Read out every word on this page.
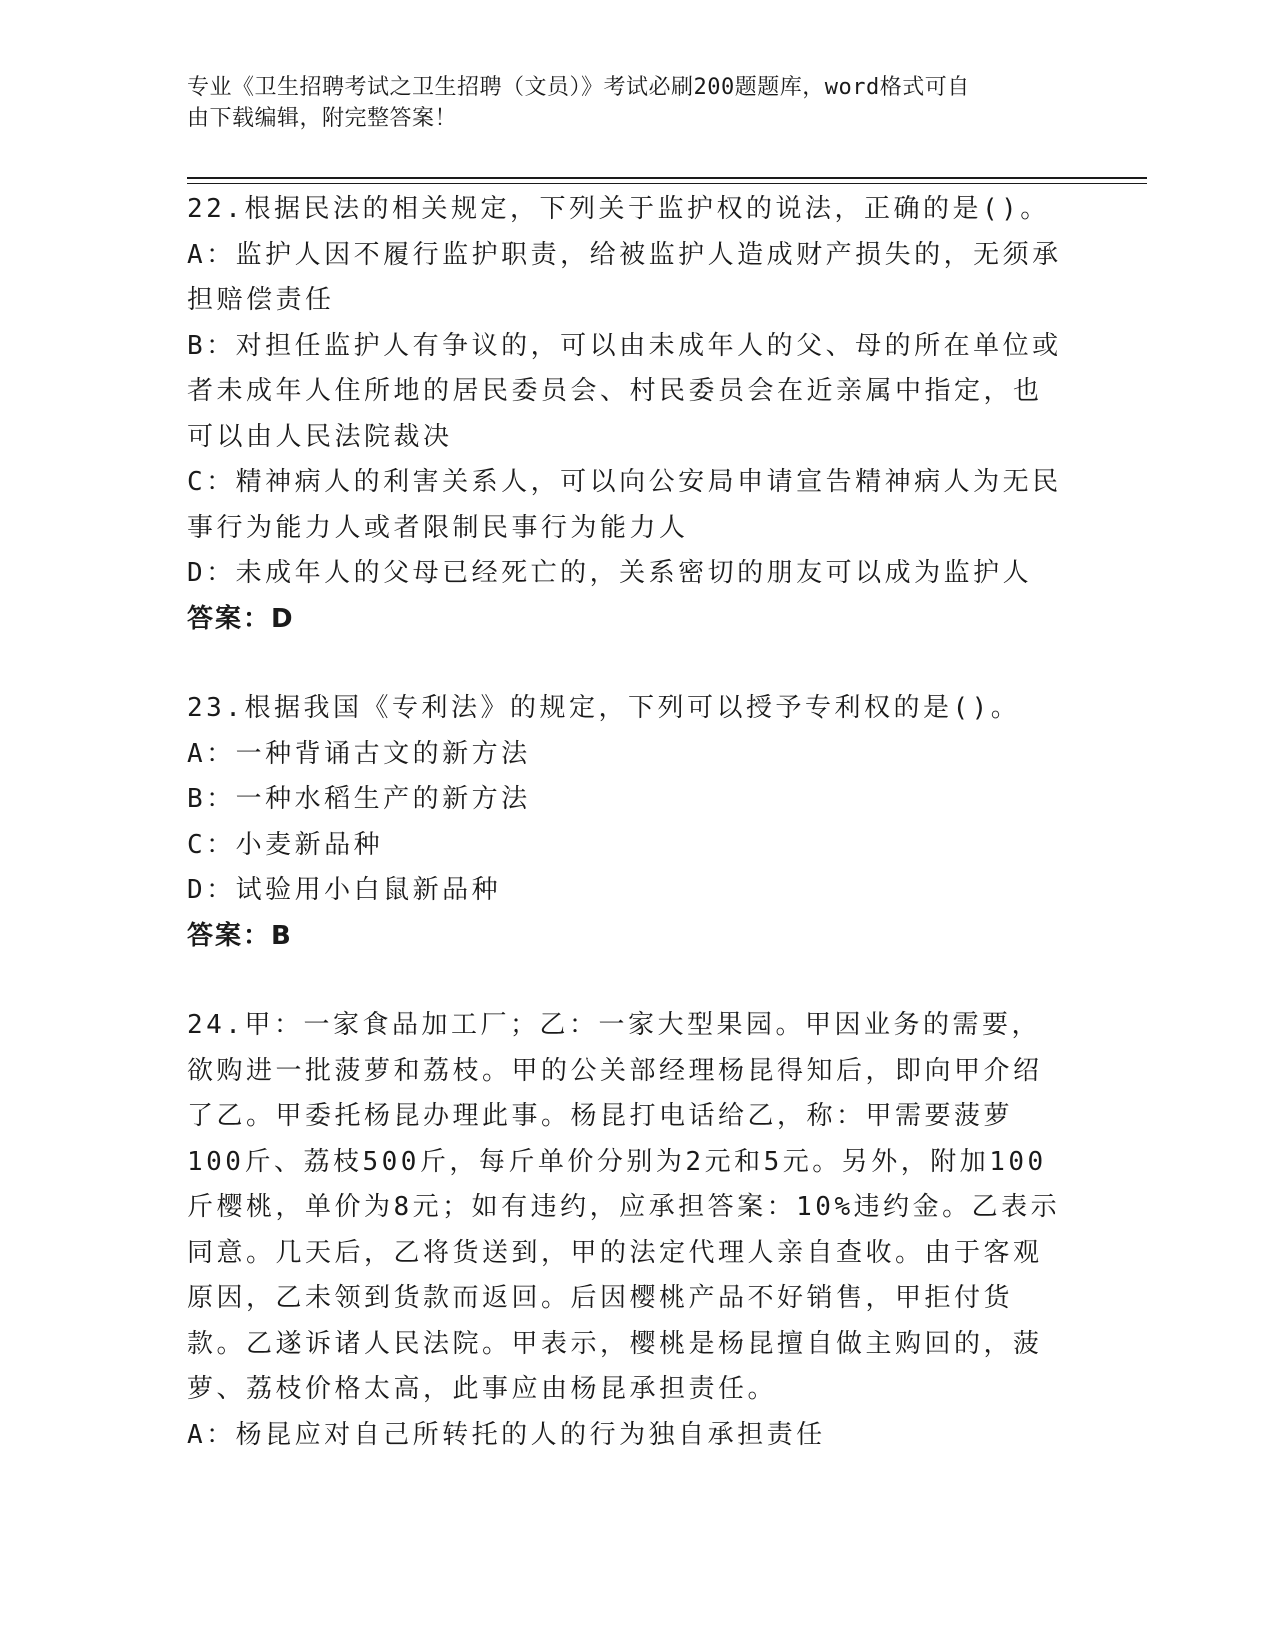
专业《卫生招聘考试之卫生招聘（文员）》考试必刷200题题库，word格式可自
由下载编辑，附完整答案！
22.根据民法的相关规定，下列关于监护权的说法，正确的是()。
A：监护人因不履行监护职责，给被监护人造成财产损失的，无须承担赔偿责任
B：对担任监护人有争议的，可以由未成年人的父、母的所在单位或者未成年人住所地的居民委员会、村民委员会在近亲属中指定，也可以由人民法院裁决
C：精神病人的利害关系人，可以向公安局申请宣告精神病人为无民事行为能力人或者限制民事行为能力人
D：未成年人的父母已经死亡的，关系密切的朋友可以成为监护人
答案：D
23.根据我国《专利法》的规定，下列可以授予专利权的是()。
A：一种背诵古文的新方法
B：一种水稻生产的新方法
C：小麦新品种
D：试验用小白鼠新品种
答案：B
24.甲：一家食品加工厂；乙：一家大型果园。甲因业务的需要，欲购进一批菠萝和荔枝。甲的公关部经理杨昆得知后，即向甲介绍了乙。甲委托杨昆办理此事。杨昆打电话给乙，称：甲需要菠萝100斤、荔枝500斤，每斤单价分别为2元和5元。另外，附加100斤樱桃，单价为8元；如有违约，应承担答案：10%违约金。乙表示同意。几天后，乙将货送到，甲的法定代理人亲自查收。由于客观原因，乙未领到货款而返回。后因樱桃产品不好销售，甲拒付货款。乙遂诉诸人民法院。甲表示，樱桃是杨昆擅自做主购回的，菠萝、荔枝价格太高，此事应由杨昆承担责任。
A：杨昆应对自己所转托的人的行为独自承担责任
